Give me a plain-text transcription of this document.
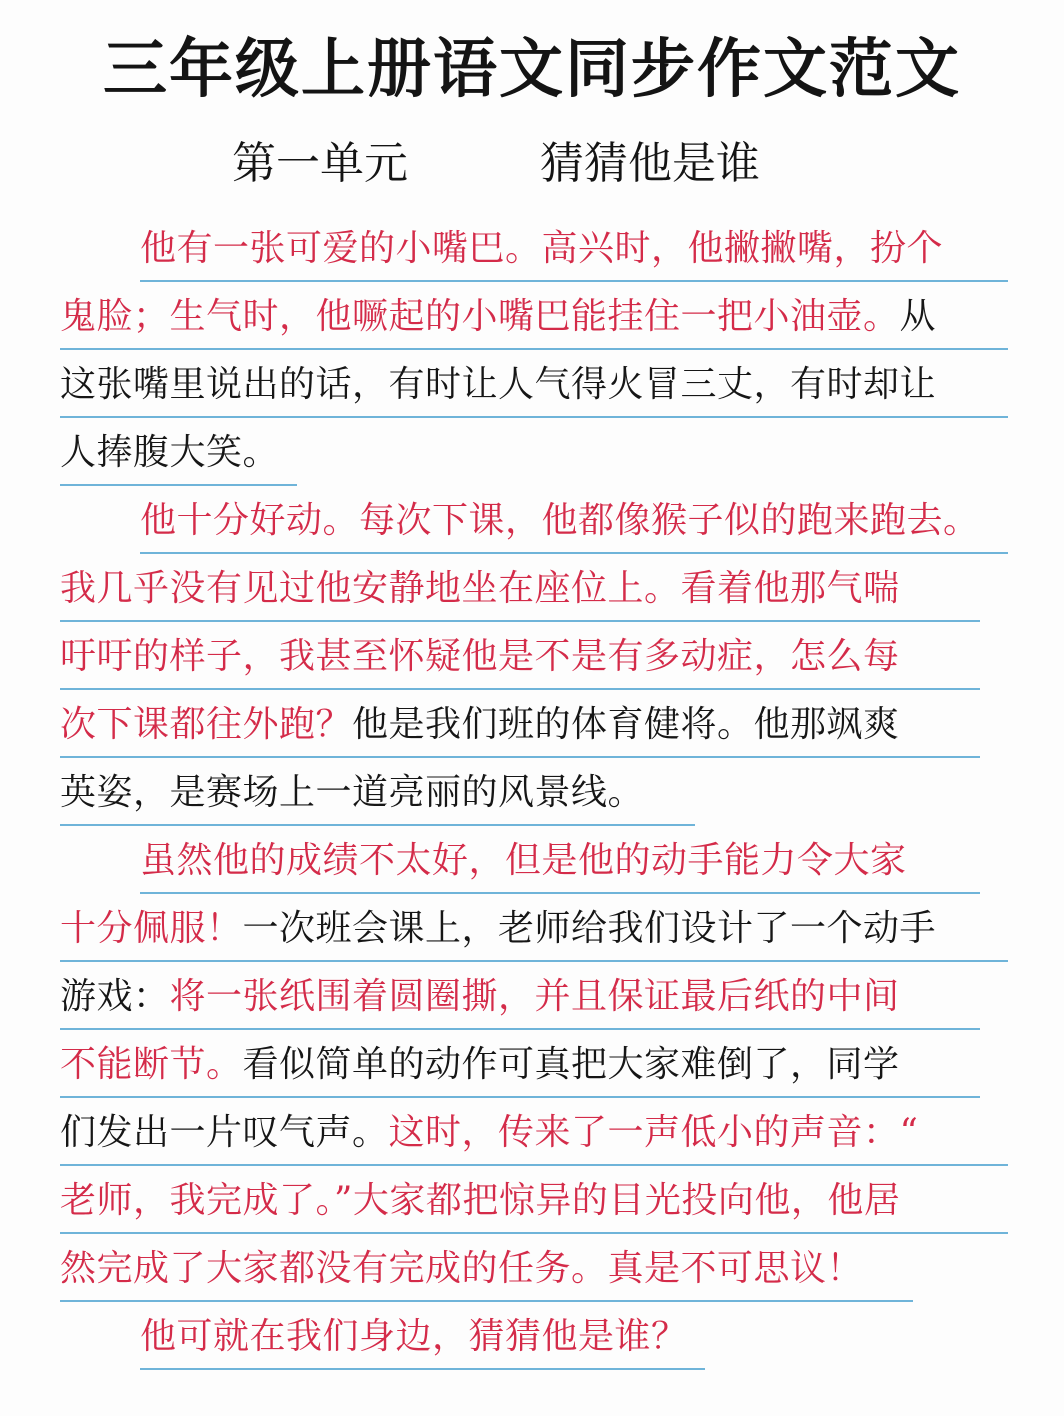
三年级上册语文同步作文范文
第一单元	猜猜他是谁
他有一张可爱的小嘴巴。高兴时，他撇撇嘴，扮个
鬼脸；生气时，他噘起的小嘴巴能挂住一把小油壶。从
这张嘴里说出的话，有时让人气得火冒三丈，有时却让
人捧腹大笑。
他十分好动。每次下课，他都像猴子似的跑来跑去。
我几乎没有见过他安静地坐在座位上。看着他那气喘
吁吁的样子，我甚至怀疑他是不是有多动症，怎么每
次下课都往外跑？他是我们班的体育健将。他那飒爽
英姿，是赛场上一道亮丽的风景线。
虽然他的成绩不太好，但是他的动手能力令大家
十分佩服！一次班会课上，老师给我们设计了一个动手
游戏：将一张纸围着圆圈撕，并且保证最后纸的中间
不能断节。看似简单的动作可真把大家难倒了，同学
们发出一片叹气声。这时，传来了一声低小的声音：“
老师，我完成了。”大家都把惊异的目光投向他，他居
然完成了大家都没有完成的任务。真是不可思议！
他可就在我们身边，猜猜他是谁？
